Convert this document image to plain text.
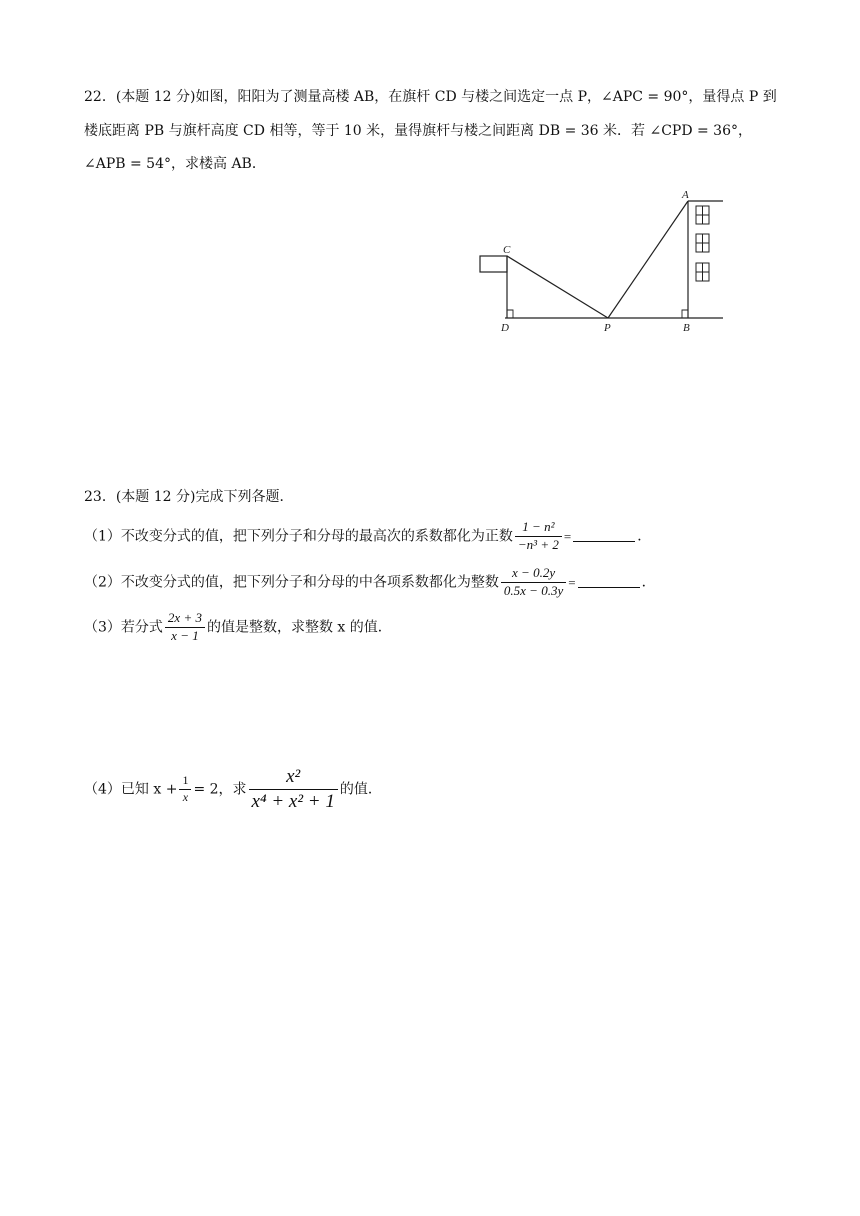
22．(本题 12 分)如图，阳阳为了测量高楼 AB，在旗杆 CD 与楼之间选定一点 P，∠APC = 90°，量得点 P 到
楼底距离 PB 与旗杆高度 CD 相等，等于 10 米，量得旗杆与楼之间距离 DB = 36 米．若 ∠CPD = 36°，
∠APB = 54°，求楼高 AB．
A
C
D	P	B
23．(本题 12 分)完成下列各题．
（1）不改变分式的值，把下列分子和分母的最高次的系数都化为正数 $\frac{\text{1 − n²}}{\text{−n³ + 2}}$ =	．
（2）不改变分式的值，把下列分子和分母的中各项系数都化为整数 $\frac{x - 0.2y}{0.5x - 0.3y}$ =	．
（3）若分式 $\frac{2x + 3}{x - 1}$ 的值是整数，求整数 x 的值．
（4）已知 $x + \frac{1}{x} = 2$，求 $\frac{\text{x²}}{\text{x⁴ + x² + 1}}$ 的值．
